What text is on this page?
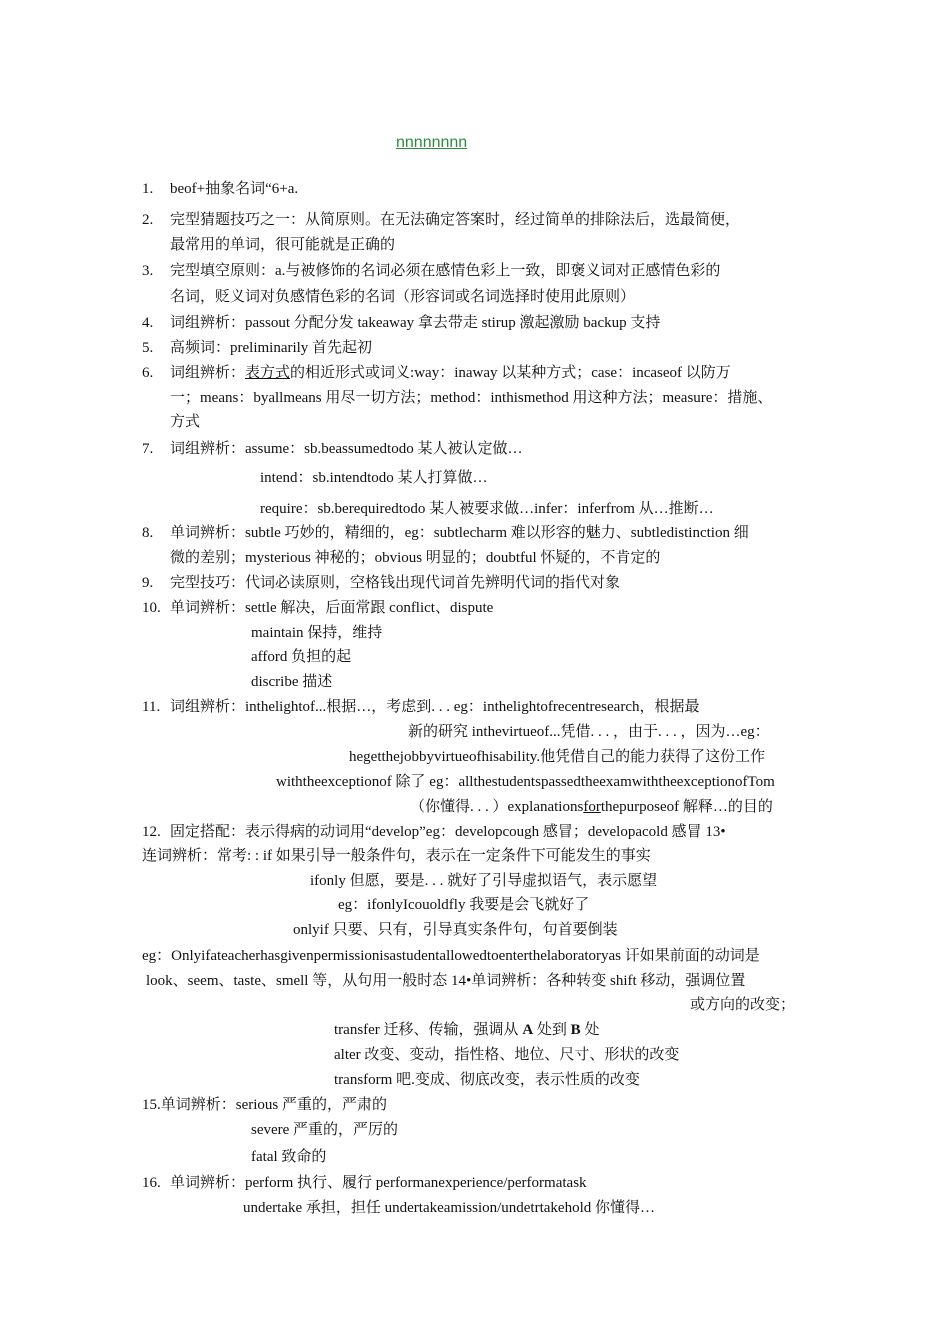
nnnnnnnn
1. beof+抽象名词“6+a.
2. 完型猜题技巧之一：从简原则。在无法确定答案时，经过简单的排除法后，选最简便，
最常用的单词，很可能就是正确的
3. 完型填空原则：a.与被修饰的名词必须在感情色彩上一致，即褒义词对正感情色彩的
名词，贬义词对负感情色彩的名词（形容词或名词选择时使用此原则）
4. 词组辨析：passout 分配分发 takeaway 拿去带走 stirup 激起激励 backup 支持
5. 高频词：preliminarily 首先起初
6. 词组辨析：表方式的相近形式或词义:way：inaway 以某种方式；case：incaseof 以防万
一；means：byallmeans 用尽一切方法；method：inthismethod 用这种方法；measure：措施、
方式
7. 词组辨析：assume：sb.beassumedtodo 某人被认定做…
intend：sb.intendtodo 某人打算做…
require：sb.berequiredtodo 某人被要求做…infer：inferfrom 从…推断…
8. 单词辨析：subtle 巧妙的，精细的，eg：subtlecharm 难以形容的魅力、subtledistinction 细
微的差别；mysterious 神秘的；obvious 明显的；doubtful 怀疑的，不肯定的
9. 完型技巧：代词必读原则，空格钱出现代词首先辨明代词的指代对象
10. 单词辨析：settle 解决，后面常跟 conflict、dispute
maintain 保持，维持
afford 负担的起
discribe 描述
11. 词组辨析：inthelightof...根据…，考虑到. . . eg：inthelightofrecentresearch，根据最
新的研究 inthevirtueof...凭借. . . ，由于. . . ，因为…eg：
hegetthejobbyvirtueofhisability.他凭借自己的能力获得了这份工作
withtheexceptionof 除了 eg：allthestudentspassedtheexamwiththeexceptionofTom
（你懂得. . . ）explanationsforthepurposeof 解释…的目的
12. 固定搭配：表示得病的动词用“develop”eg：developcough 感冒；developacold 感冒 13•
连词辨析：常考: : if 如果引导一般条件句，表示在一定条件下可能发生的事实
ifonly 但愿，要是. . . 就好了引导虚拟语气，表示愿望
eg：ifonlyIcouoldfly 我要是会飞就好了
onlyif 只要、只有，引导真实条件句，句首要倒装
eg：Onlyifateacherhasgivenpermissionisastudentallowedtoenterthelaboratoryas 讦如果前面的动词是
look、seem、taste、smell 等，从句用一般时态 14•单词辨析：各种转变 shift 移动，强调位置
或方向的改变；
transfer 迁移、传输，强调从 A 处到 B 处
alter 改变、变动，指性格、地位、尺寸、形状的改变
transform 吧.变成、彻底改变，表示性质的改变
15.单词辨析：serious 严重的，严肃的
severe 严重的，严厉的
fatal 致命的
16. 单词辨析：perform 执行、履行 performanexperience/performatask
undertake 承担，担任 undertakeamission/undetrtakehold 你懂得…
